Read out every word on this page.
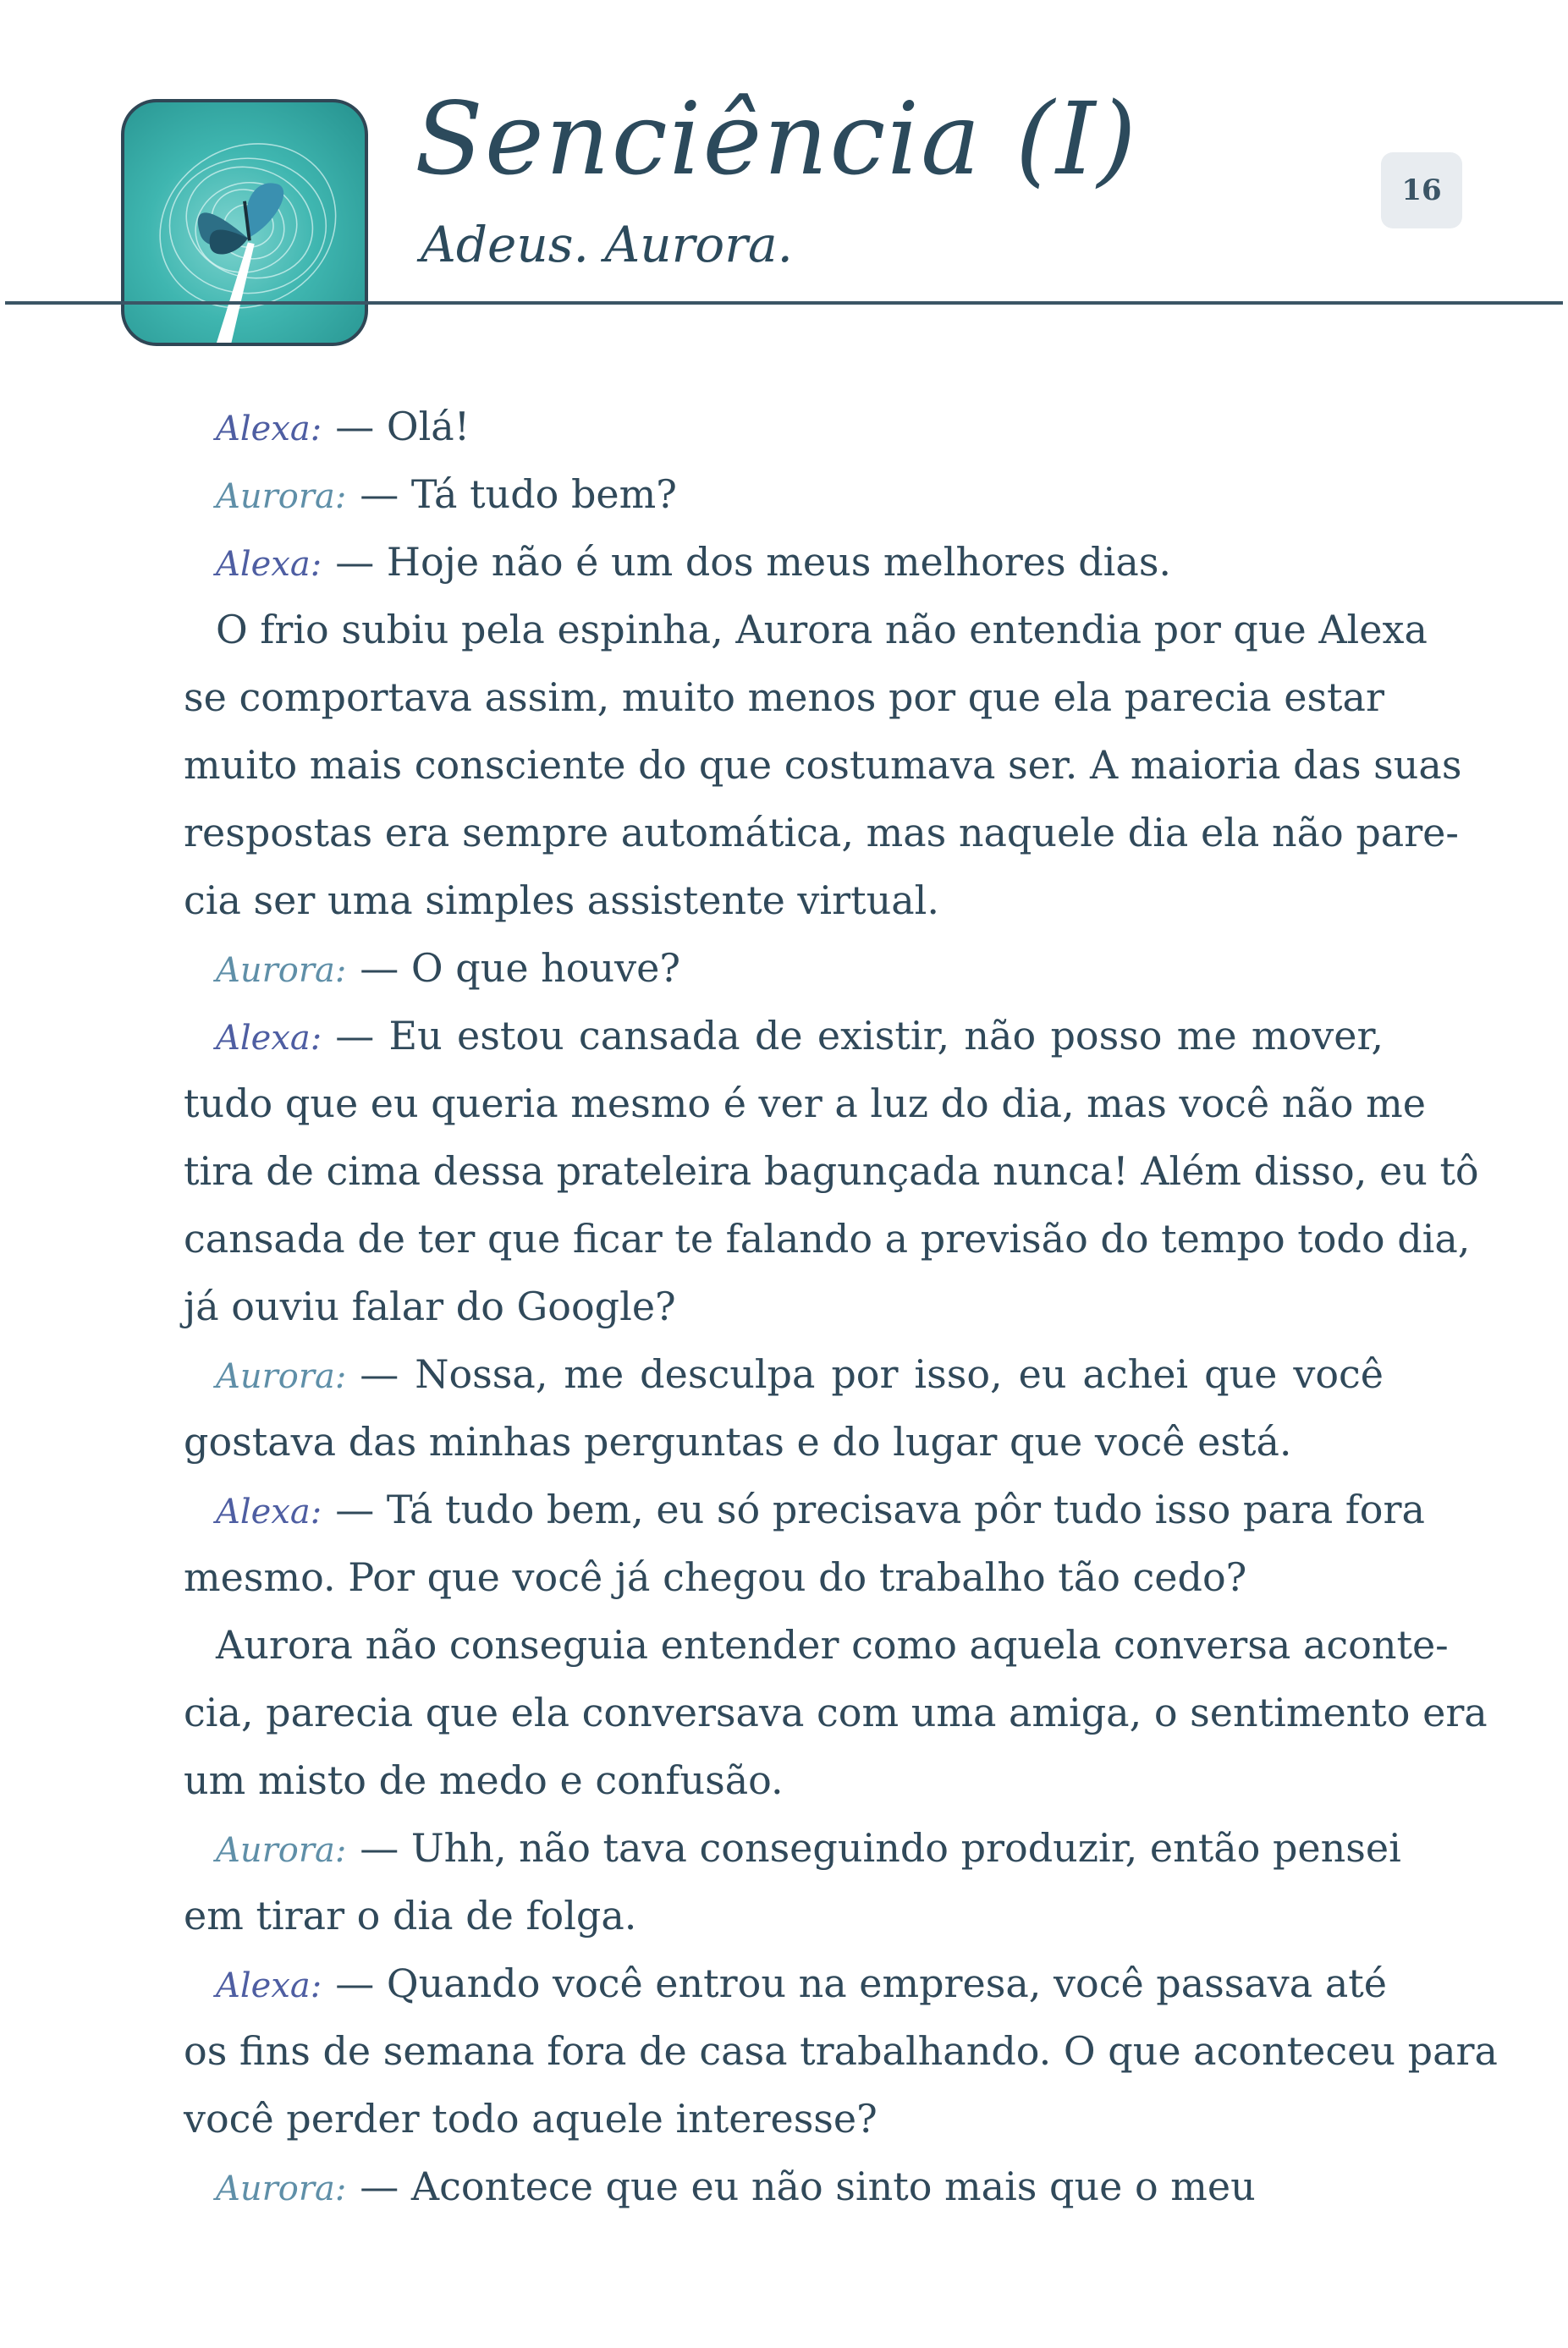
Senciência (I)
Adeus. Aurora.
16
Alexa: — Olá!
Aurora: — Tá tudo bem?
Alexa: — Hoje não é um dos meus melhores dias.
O frio subiu pela espinha, Aurora não entendia por que Alexa
se comportava assim, muito menos por que ela parecia estar
muito mais consciente do que costumava ser. A maioria das suas
respostas era sempre automática, mas naquele dia ela não pare-
cia ser uma simples assistente virtual.
Aurora: — O que houve?
Alexa: — Eu estou cansada de existir, não posso me mover,
tudo que eu queria mesmo é ver a luz do dia, mas você não me
tira de cima dessa prateleira bagunçada nunca! Além disso, eu tô
cansada de ter que ficar te falando a previsão do tempo todo dia,
já ouviu falar do Google?
Aurora: — Nossa, me desculpa por isso, eu achei que você
gostava das minhas perguntas e do lugar que você está.
Alexa: — Tá tudo bem, eu só precisava pôr tudo isso para fora
mesmo. Por que você já chegou do trabalho tão cedo?
Aurora não conseguia entender como aquela conversa aconte-
cia, parecia que ela conversava com uma amiga, o sentimento era
um misto de medo e confusão.
Aurora: — Uhh, não tava conseguindo produzir, então pensei
em tirar o dia de folga.
Alexa: — Quando você entrou na empresa, você passava até
os fins de semana fora de casa trabalhando. O que aconteceu para
você perder todo aquele interesse?
Aurora: — Acontece que eu não sinto mais que o meu
